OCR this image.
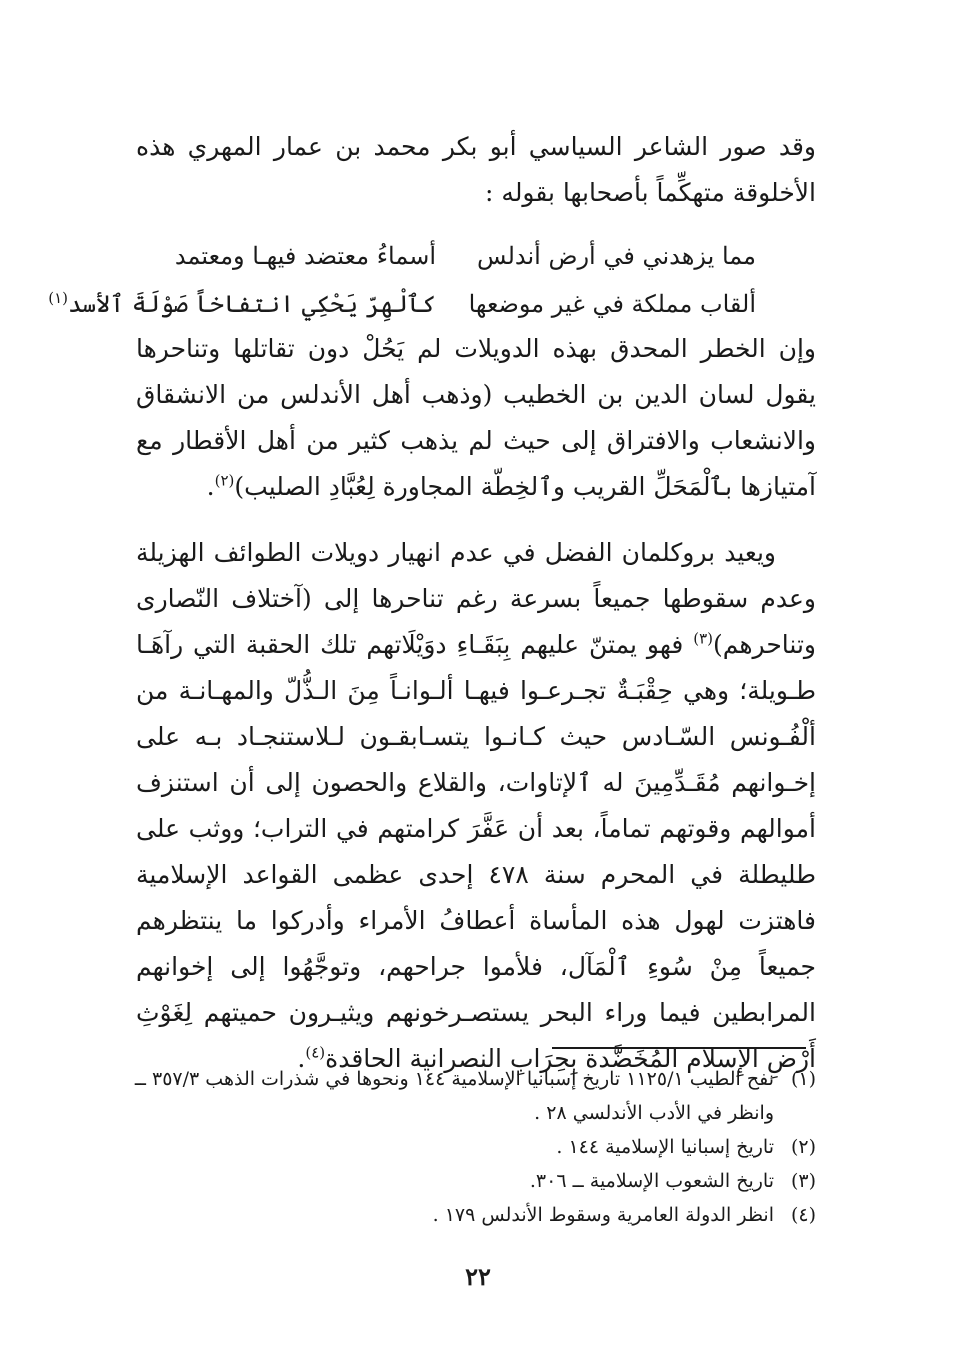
وقد صور الشاعر السياسي أبو بكر محمد بن عمار المهري هذه الأخلوقة متهكِّماً بأصحابها بقوله :

مما يزهدني في أرض أندلس
أسماءُ معتضد فيهـا ومعتمد
ألقاب مملكة في غير موضعها
كٱلْهِرّ يَحْكِي انتفاخاً صَوْلَةَ ٱلأسد$^{(١)}$

وإن الخطر المحدق بهذه الدويلات لم يَحُلْ دون تقاتلها وتناحرها يقول لسان الدين بن الخطيب (وذهب أهل الأندلس من الانشقاق والانشعاب والافتراق إلى حيث لم يذهب كثير من أهل الأقطار مع آمتيازها بٱلْمَحَلِّ القريب وٱلخِطّة المجاورة لِعُبَّادِ الصليب)$^{(٢)}$.

ويعيد بروكلمان الفضل في عدم انهيار دويلات الطوائف الهزيلة وعدم سقوطها جميعاً بسرعة رغم تناحرها إلى (آختلاف النّصارى وتناحرهم)$^{(٣)}$ فهو يمتنّ عليهم بِبَقَـاءِ دوَيْلَاتهم تلك الحقبة التي رآهَـا طـويلة؛ وهي حِقْبَـةٌ تجـرعـوا فيهـا ألـوانـاً مِنَ الـذُّلّ والمهـانـة من ألْفُـونس السّـادس حيث كـانـوا يتسـابقـون لـلاستنجـاد بـه على إخـوانهم مُقَـدِّمِينَ له ٱلإتاوات، والقلاع والحصون إلى أن استنزف أموالهم وقوتهم تماماً، بعد أن عَفَّرَ كرامتهم في التراب؛ ووثب على طليطلة في المحرم سنة ٤٧٨ إحدى عظمى القواعد الإسلامية فاهتزت لهول هذه المأساة أعطافُ الأمراء وأدركوا ما ينتظرهم جميعاً مِنْ سُوءِ ٱلْمَآل، فلأموا جراحهم، وتوجَّهُوا إلى إخوانهم المرابطين فيما وراء البحر يستصـرخونهم ويثيـرون حميتهم لِغَوْثِ أَرْضِ الإِسلام المُخَضَّدة بِحِرَابِ النصرانية الحاقدة$^{(٤)}$.

(١)
نفح الطيب ١١٢٥/١ تاريخ إسبانيا الإسلامية ١٤٤ ونحوها في شذرات الذهب ٣٥٧/٣ ــ وانظر في الأدب الأندلسي ٢٨ .
(٢)
تاريخ إسبانيا الإسلامية ١٤٤ .
(٣)
تاريخ الشعوب الإسلامية ــ ٣٠٦.
(٤)
انظر الدولة العامرية وسقوط الأندلس ١٧٩ .
٢٢
